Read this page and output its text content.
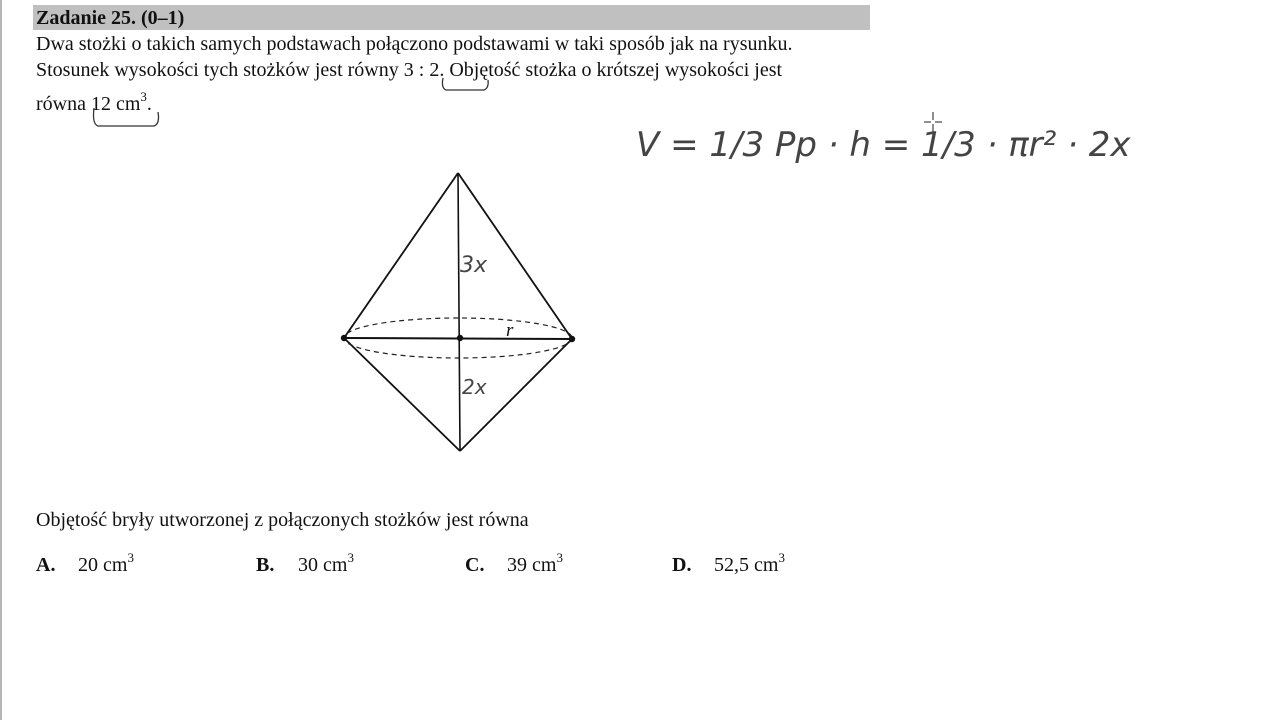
Zadanie 25. (0–1)
Dwa stożki o takich samych podstawach połączono podstawami w taki sposób jak na rysunku.
Stosunek wysokości tych stożków jest równy 3 : 2. Objętość stożka o krótszej wysokości jest
równa 12 $cm^3$.
V = 1/3 Pp · h = 1/3 · πr² · 2x
r
3x
2x
Objętość bryły utworzonej z połączonych stożków jest równa
A. 20 $cm^3$	B. 30 $cm^3$	C. 39 $cm^3$	D. 52,5 $cm^3$
